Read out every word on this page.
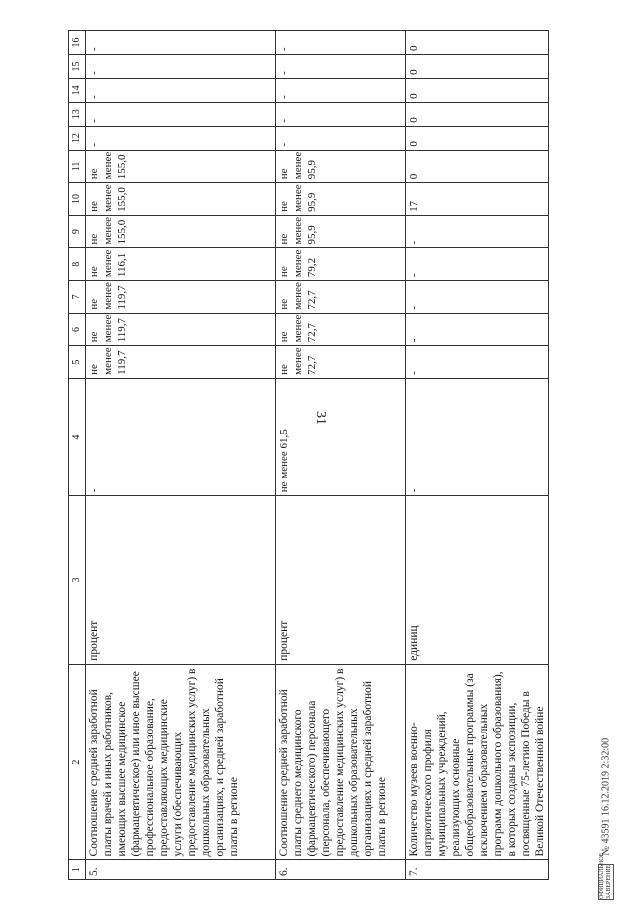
31
1	2	3	4	5	6	7	8	9	10	11	12	13	14	15	16
5.	Соотношение средней заработной платы врачей и иных работников, имеющих высшее медицинское (фармацевтическое) или иное высшее профессиональное образование, предоставляющих медицинские услуги (обеспечивающих предоставление медицинских услуг) в дошкольных образовательных организациях, и средней заработной платы в регионе	процент	-	не менее 119,7	не менее 119,7	не менее 119,7	не менее 116,1	не менее 155,0	не менее 155,0	не менее 155,0	-	-	-	-	-
6.	Соотношение средней заработной платы среднего медицинского (фармацевтического) персонала (персонала, обеспечивающего предоставление медицинских услуг) в дошкольных образовательных организациях и средней заработной платы в регионе	процент	не менее 61,5	не менее 72,7	не менее 72,7	не менее 72,7	не менее 79,2	не менее 95,9	не менее 95,9	не менее 95,9	-	-	-	-	-
7.	Количество музеев военно-патриотического профиля муниципальных учреждений, реализующих основные общеобразовательные программы (за исключением образовательных программ дошкольного образования), в которых созданы экспозиции, посвященные 75-летию Победы в Великой Отечественной войне	единиц	-	-	-	-	-	-	17	0	0	0	0	0	0
ОФИЦИАЛЬНОЕ ЗАВЕРЕНИЕ № 43591 16.12.2019 2:32:00
